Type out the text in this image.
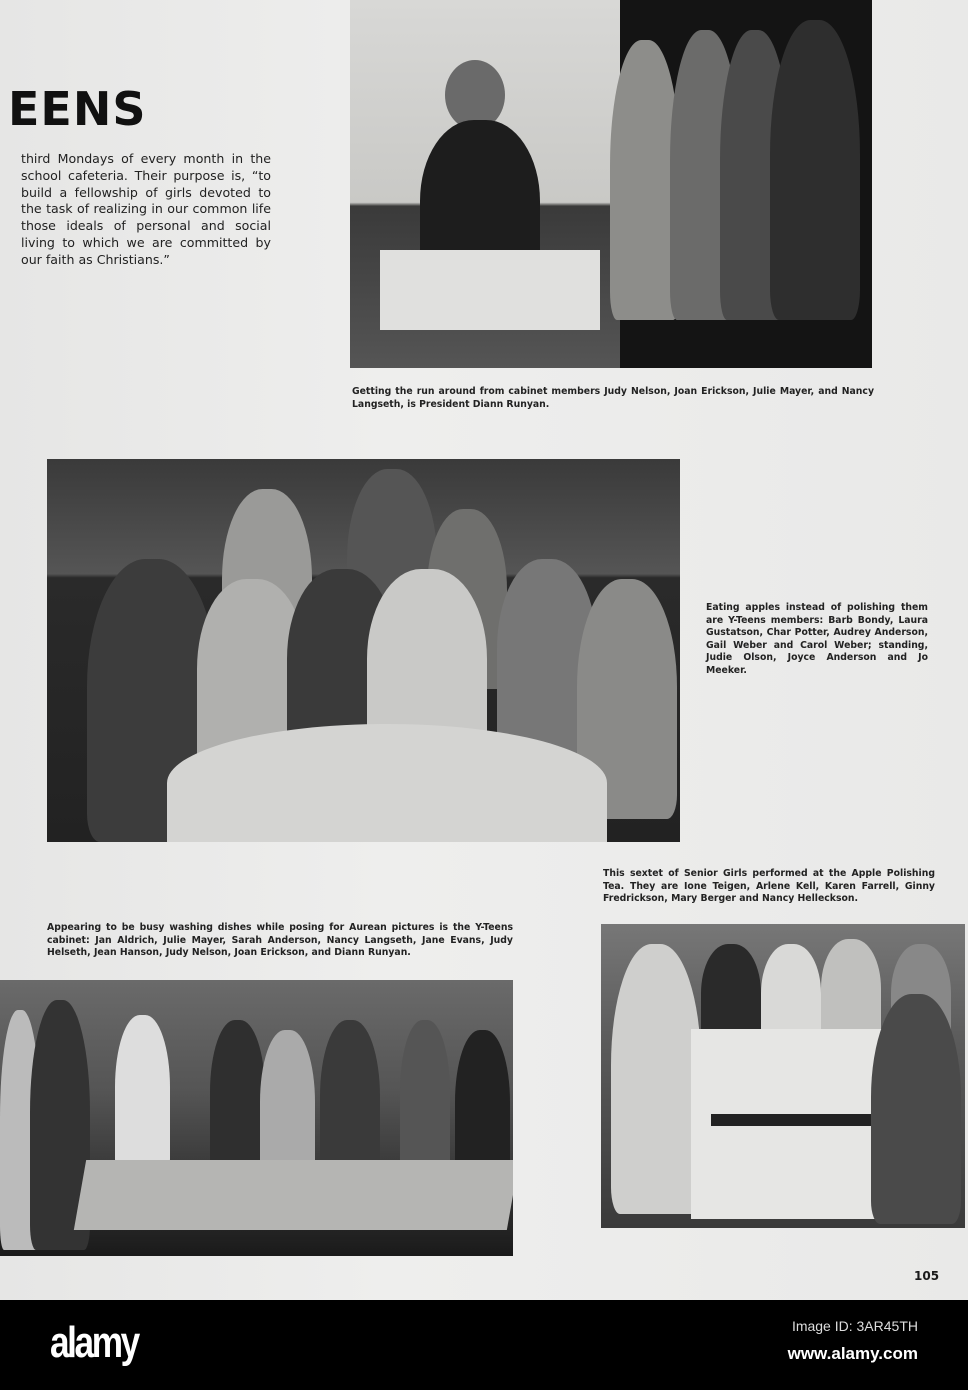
EENS
third Mondays of every month in the school cafeteria. Their purpose is, “to build a fellowship of girls devoted to the task of realizing in our common life those ideals of personal and social living to which we are committed by our faith as Christians.”
Getting the run around from cabinet members Judy Nelson, Joan Erickson, Julie Mayer, and Nancy Langseth, is President Diann Runyan.
Eating apples instead of polishing them are Y-Teens members: Barb Bondy, Laura Gustatson, Char Potter, Audrey Anderson, Gail Weber and Carol Weber; standing, Judie Olson, Joyce Anderson and Jo Meeker.
This sextet of Senior Girls performed at the Apple Polishing Tea. They are Ione Teigen, Arlene Kell, Karen Farrell, Ginny Fredrickson, Mary Berger and Nancy Helleckson.
Appearing to be busy washing dishes while posing for Aurean pictures is the Y-Teens cabinet: Jan Aldrich, Julie Mayer, Sarah Anderson, Nancy Langseth, Jane Evans, Judy Helseth, Jean Hanson, Judy Nelson, Joan Erickson, and Diann Runyan.
105
alamy	Image ID: 3AR45TH
www.alamy.com
